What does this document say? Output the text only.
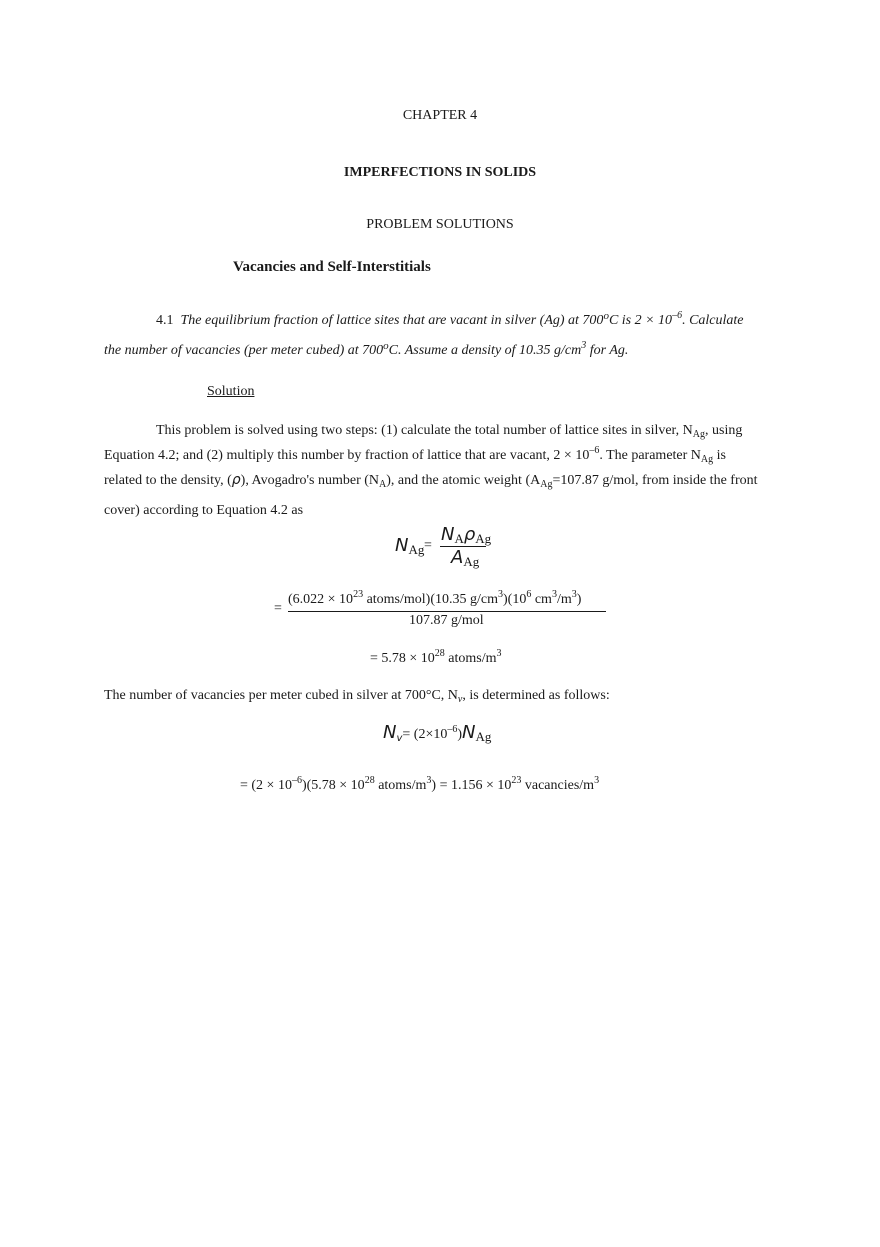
CHAPTER 4
IMPERFECTIONS IN SOLIDS
PROBLEM SOLUTIONS
Vacancies and Self-Interstitials
4.1 The equilibrium fraction of lattice sites that are vacant in silver (Ag) at 700$^o$C is $2 \times 10^{-6}$. Calculate
the number of vacancies (per meter cubed) at 700$^o$C. Assume a density of 10.35 $g/cm^3$ for Ag.
Solution
This problem is solved using two steps: (1) calculate the total number of lattice sites in silver, $N_{Ag}$, using
Equation 4.2; and (2) multiply this number by fraction of lattice that are vacant, $2 \times 10^{-6}$. The parameter $N_{Ag}$ is
related to the density, (ρ), Avogadro's number $(N_A)$, and the atomic weight ($A_{Ag}=107.87$ g/mol, from inside the front
cover) according to Equation 4.2 as
$N_{Ag}$ =
$N_A\rho_{Ag}$
$A_{Ag}$
=
($6.022 \times 10^{23}$ atoms/mol)(10.35 $g/cm^3)(10^6$ $cm^3/m^3$)
107.87 g/mol
= $5.78 \times 10^{28}$ atoms/$m^3$
The number of vacancies per meter cubed in silver at 700°C, $N_v$, is determined as follows:
$N_v= (2\times 10^{-6})N_{Ag}$
= $(2 \times 10^{-6})(5.78 \times 10^{28}$ atoms/$m^3) = 1.156 \times 10^{23}$ vacancies/$m^3$
